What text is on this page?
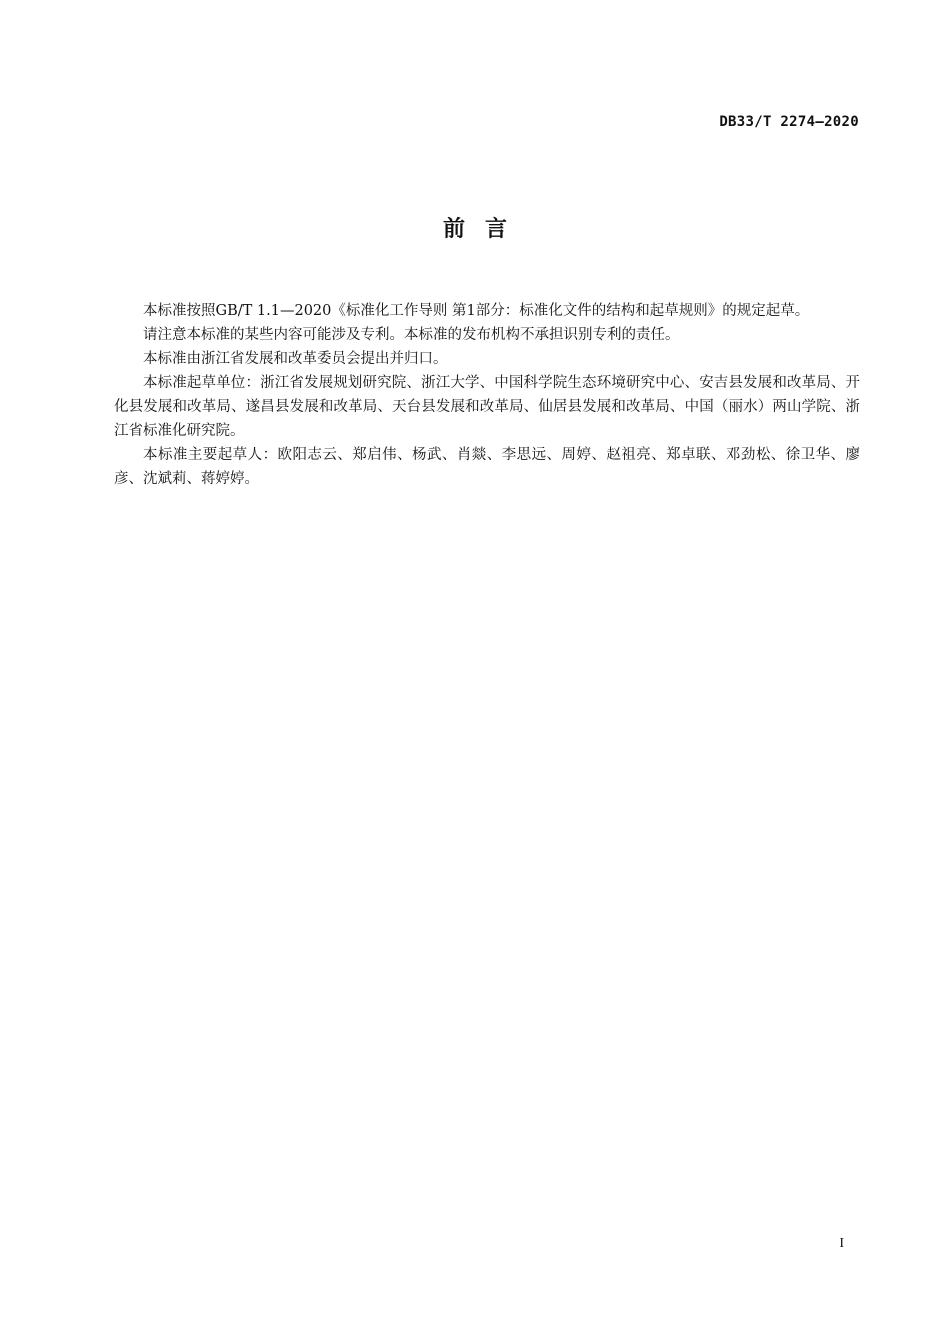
DB33/T 2274—2020
前言

本标准按照GB/T 1.1—2020《标准化工作导则 第1部分：标准化文件的结构和起草规则》的规定起草。

请注意本标准的某些内容可能涉及专利。本标准的发布机构不承担识别专利的责任。

本标准由浙江省发展和改革委员会提出并归口。

本标准起草单位：浙江省发展规划研究院、浙江大学、中国科学院生态环境研究中心、安吉县发展和改革局、开化县发展和改革局、遂昌县发展和改革局、天台县发展和改革局、仙居县发展和改革局、中国（丽水）两山学院、浙江省标准化研究院。

本标准主要起草人：欧阳志云、郑启伟、杨武、肖燚、李思远、周婷、赵祖亮、郑卓联、邓劲松、徐卫华、廖彦、沈斌莉、蒋婷婷。

I
